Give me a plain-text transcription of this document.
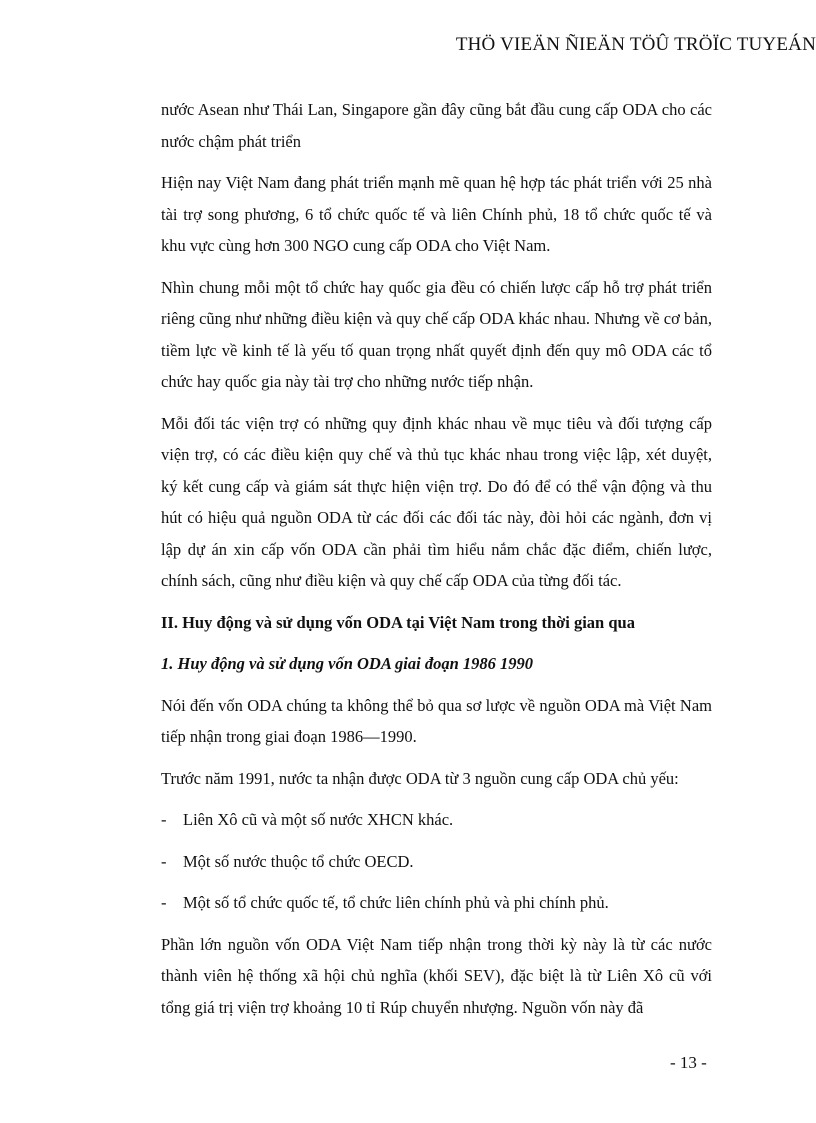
THÖ VIEÄN ÑIEÄN TÖÛ TRÖÏC TUYEÁN

nước Asean như Thái Lan, Singapore gần đây cũng bắt đầu cung cấp ODA cho các nước chậm phát triển

Hiện nay Việt Nam đang phát triển mạnh mẽ quan hệ hợp tác phát triển với 25 nhà tài trợ song phương, 6 tổ chức quốc tế và liên Chính phủ, 18 tổ chức quốc tế và khu vực cùng hơn 300 NGO cung cấp ODA cho Việt Nam.

Nhìn chung mỗi một tổ chức hay quốc gia đều có chiến lược cấp hỗ trợ phát triển riêng cũng như những điều kiện và quy chế cấp ODA khác nhau. Nhưng về cơ bản, tiềm lực về kinh tế là yếu tố quan trọng nhất quyết định đến quy mô ODA các tổ chức hay quốc gia này tài trợ cho những nước tiếp nhận.

Mỗi đối tác viện trợ có những quy định khác nhau về mục tiêu và đối tượng cấp viện trợ, có các điều kiện quy chế và thủ tục khác nhau trong việc lập, xét duyệt, ký kết cung cấp và giám sát thực hiện viện trợ. Do đó để có thể vận động và thu hút có hiệu quả nguồn ODA từ các đối các đối tác này, đòi hỏi các ngành, đơn vị lập dự án xin cấp vốn ODA cần phải tìm hiểu nắm chắc đặc điểm, chiến lược, chính sách, cũng như điều kiện và quy chế cấp ODA của từng đối tác.

II. Huy động và sử dụng vốn ODA tại Việt Nam trong thời gian qua

1. Huy động và sử dụng vốn ODA giai đoạn 1986 1990

Nói đến vốn ODA chúng ta không thể bỏ qua sơ lược về nguồn ODA mà Việt Nam tiếp nhận trong giai đoạn 1986—1990.

Trước năm 1991, nước ta nhận được ODA từ 3 nguồn cung cấp ODA chủ yếu:

-	Liên Xô cũ và một số nước XHCN khác.
-	Một số nước thuộc tổ chức OECD.
-	Một số tổ chức quốc tế, tổ chức liên chính phủ và phi chính phủ.

Phần lớn nguồn vốn ODA Việt Nam tiếp nhận trong thời kỳ này là từ các nước thành viên hệ thống xã hội chủ nghĩa (khối SEV), đặc biệt là từ Liên Xô cũ với tổng giá trị viện trợ khoảng 10 tỉ Rúp chuyển nhượng. Nguồn vốn này đã

- 13 -
